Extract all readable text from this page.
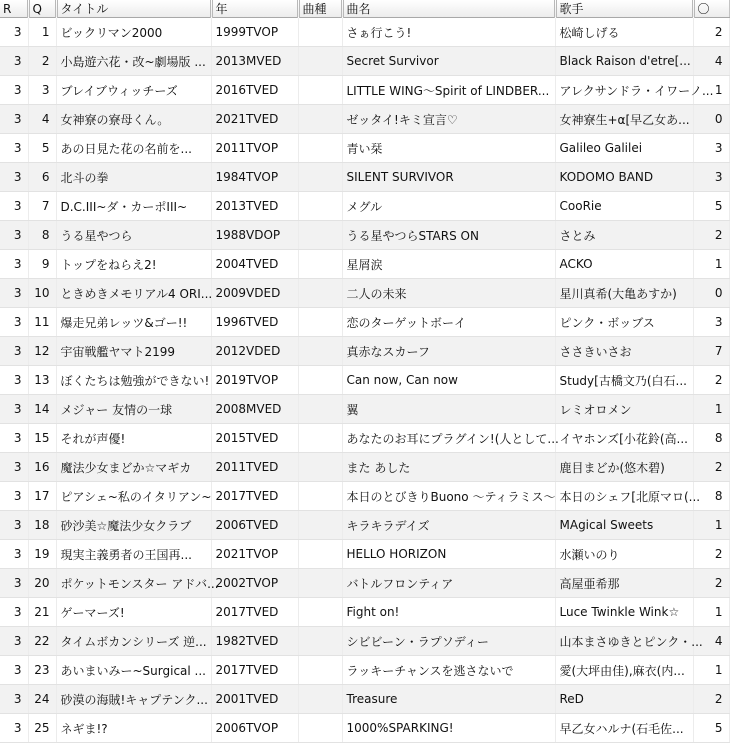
R	Q	タイトル	年	曲種	曲名	歌手	〇
3	1	ビックリマン2000	1999TVOP		さぁ行こう!	松崎しげる	2
3	2	小島遊六花・改~劇場版 ...	2013MVED		Secret Survivor	Black Raison d'etre[...	4
3	3	ブレイブウィッチーズ	2016TVED		LITTLE WING～Spirit of LINDBER...	アレクサンドラ・イワーノ...	1
3	4	女神寮の寮母くん。	2021TVED		ゼッタイ!キミ宣言♡	女神寮生+α[早乙女あ...	0
3	5	あの日見た花の名前を...	2011TVOP		青い栞	Galileo Galilei	3
3	6	北斗の拳	1984TVOP		SILENT SURVIVOR	KODOMO BAND	3
3	7	D.C.III~ダ・カーポIII~	2013TVED		メグル	CooRie	5
3	8	うる星やつら	1988VDOP		うる星やつらSTARS ON	さとみ	2
3	9	トップをねらえ2!	2004TVED		星屑涙	ACKO	1
3	10	ときめきメモリアル4 ORI...	2009VDED		二人の未来	星川真希(大亀あすか)	0
3	11	爆走兄弟レッツ&ゴー!!	1996TVED		恋のターゲットボーイ	ピンク・ボッブス	3
3	12	宇宙戦艦ヤマト2199	2012VDED		真赤なスカーフ	ささきいさお	7
3	13	ぼくたちは勉強ができない!	2019TVOP		Can now, Can now	Study[古橋文乃(白石...	2
3	14	メジャー 友情の一球	2008MVED		翼	レミオロメン	1
3	15	それが声優!	2015TVED		あなたのお耳にプラグイン!(人として...	イヤホンズ[小花鈴(高...	8
3	16	魔法少女まどか☆マギカ	2011TVED		また あした	鹿目まどか(悠木碧)	2
3	17	ピアシェ~私のイタリアン~	2017TVED		本日のとびきりBuono ～ティラミス～	本日のシェフ[北原マロ(...	8
3	18	砂沙美☆魔法少女クラブ	2006TVED		キラキラデイズ	MAgical Sweets	1
3	19	現実主義勇者の王国再...	2021TVOP		HELLO HORIZON	水瀬いのり	2
3	20	ポケットモンスター アドバ...	2002TVOP		バトルフロンティア	高屋亜希那	2
3	21	ゲーマーズ!	2017TVED		Fight on!	Luce Twinkle Wink☆	1
3	22	タイムボカンシリーズ 逆...	1982TVED		シビビーン・ラプソディー	山本まさゆきとピンク・...	4
3	23	あいまいみー~Surgical ...	2017TVED		ラッキーチャンスを逃さないで	愛(大坪由佳),麻衣(内...	1
3	24	砂漠の海賊!キャプテンク...	2001TVED		Treasure	ReD	2
3	25	ネギま!?	2006TVOP		1000%SPARKING!	早乙女ハルナ(石毛佐...	5
